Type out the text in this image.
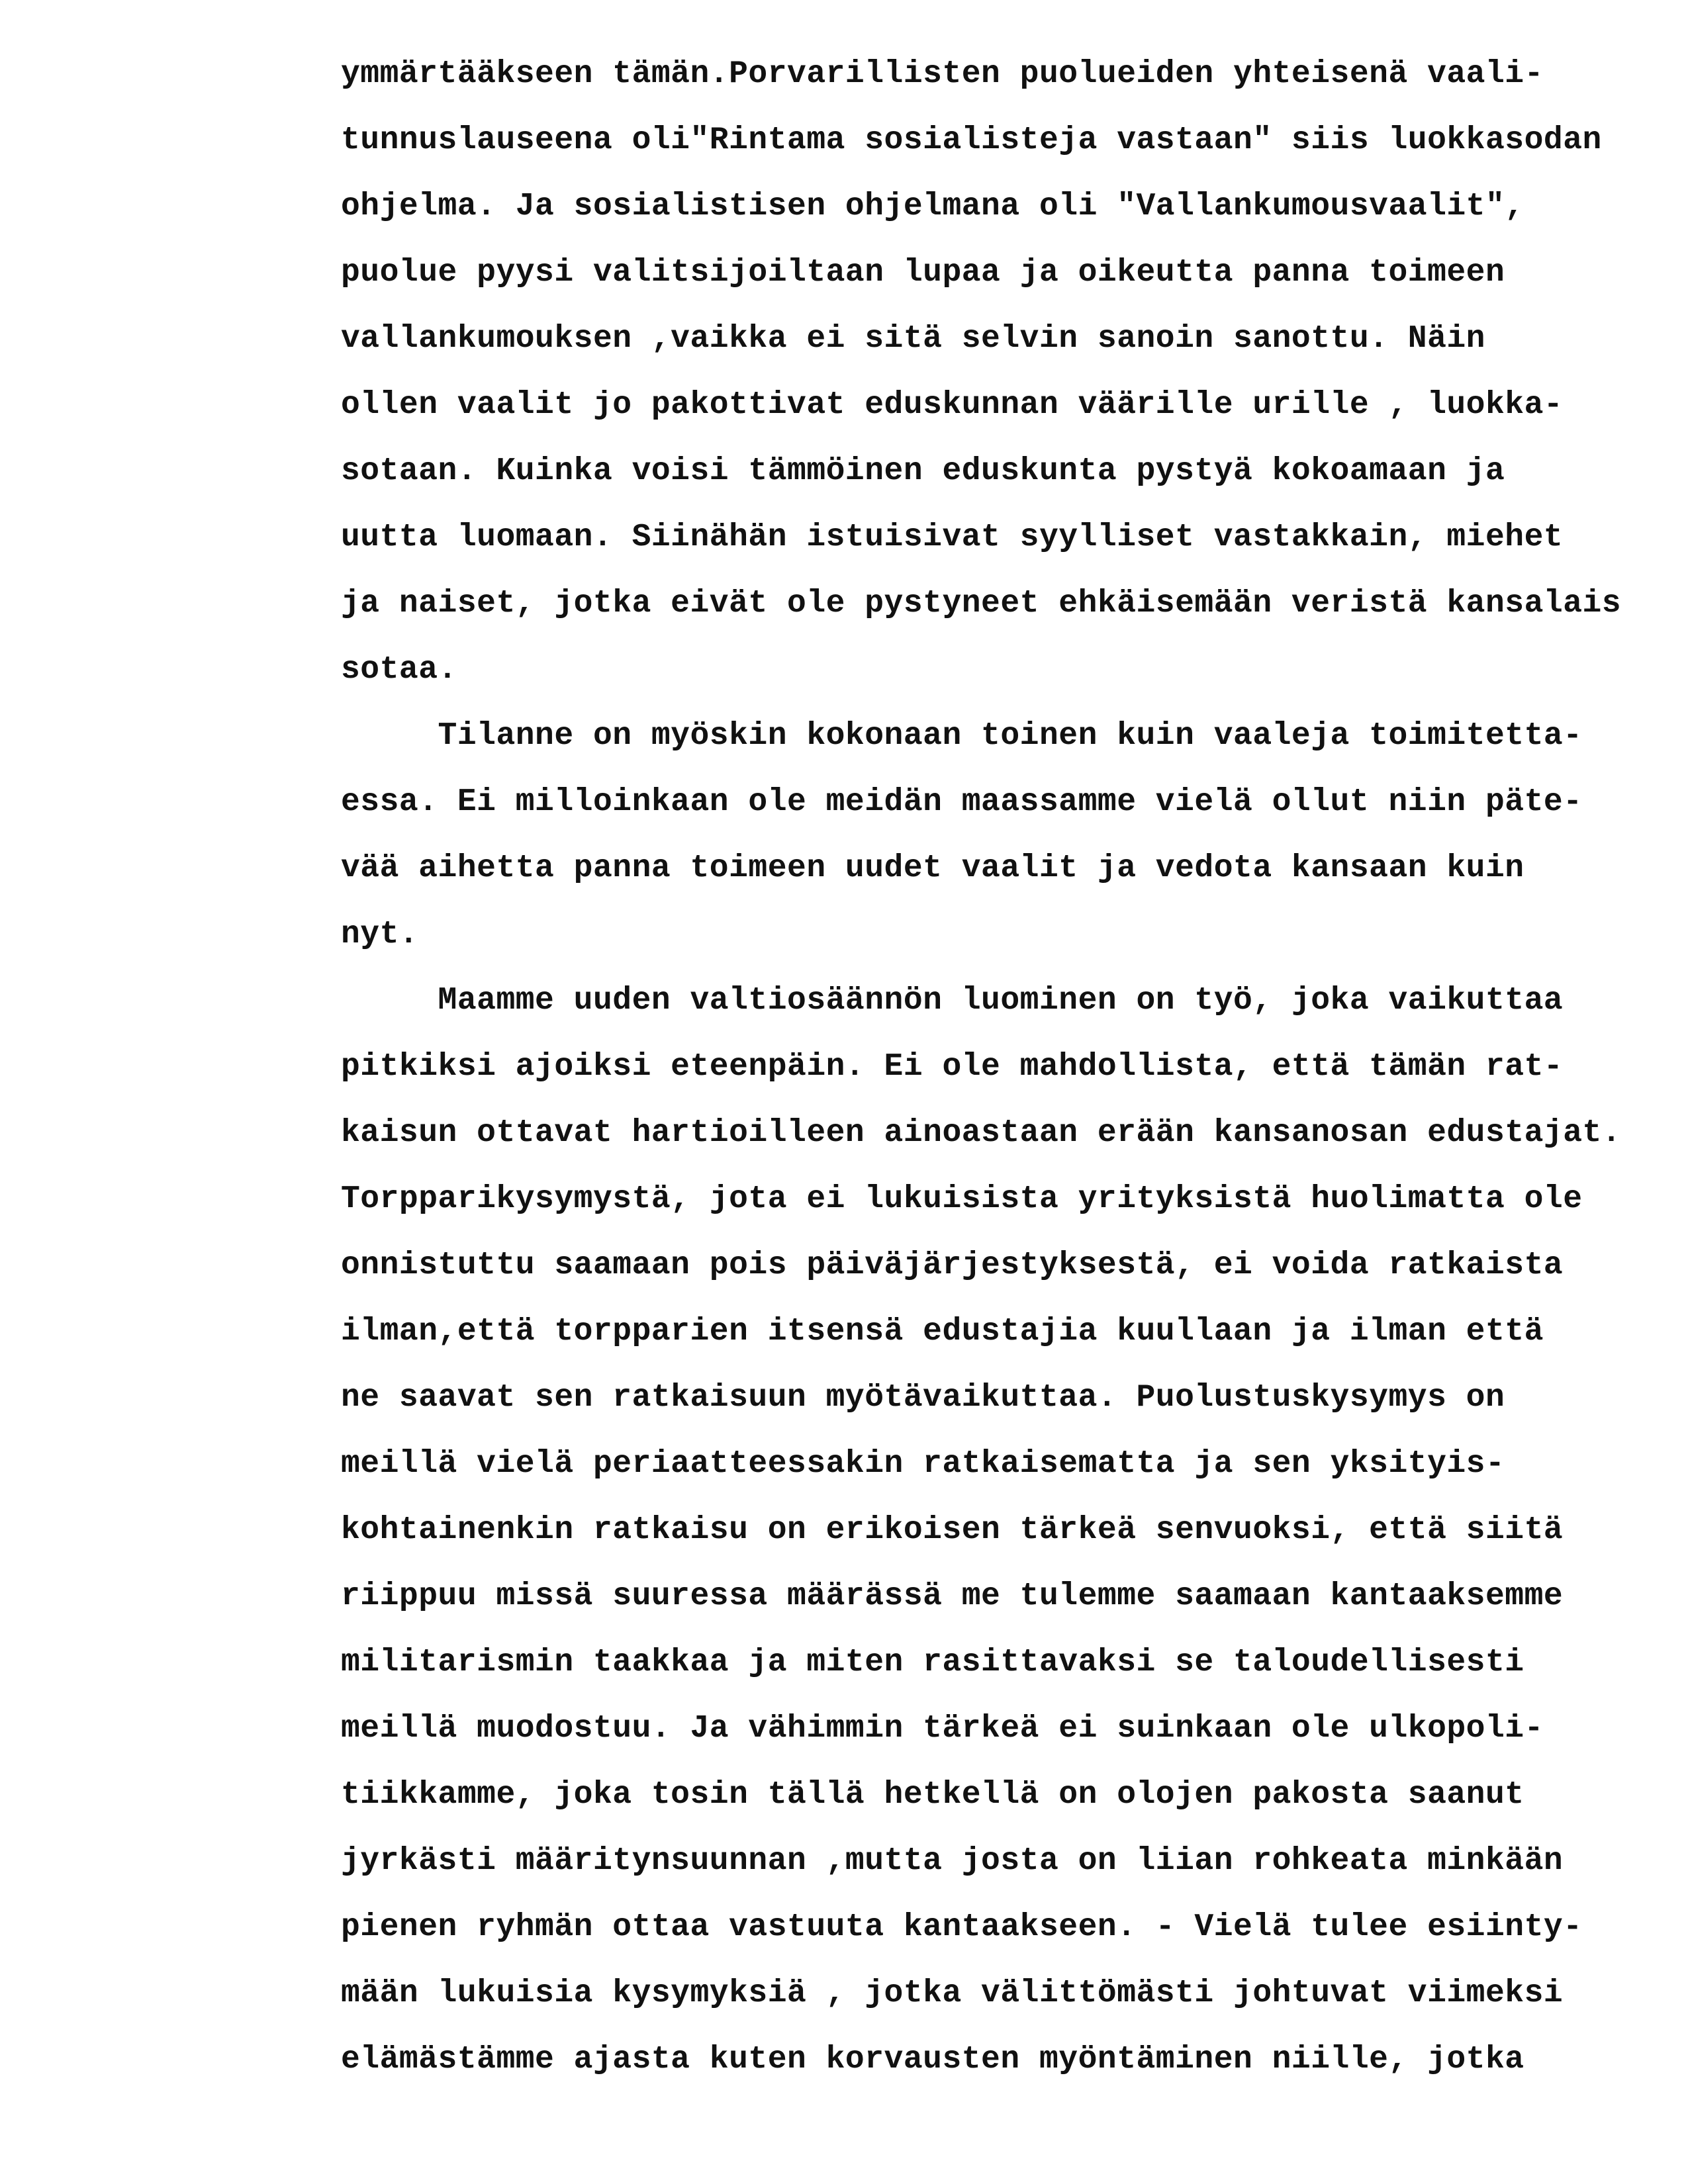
ymmärtääkseen tämän.Porvarillisten puolueiden yhteisenä vaali-
tunnuslauseena oli"Rintama sosialisteja vastaan" siis luokkasodan
ohjelma. Ja sosialistisen ohjelmana oli "Vallankumousvaalit",
puolue pyysi valitsijoiltaan lupaa ja oikeutta panna toimeen
vallankumouksen ,vaikka ei sitä selvin sanoin sanottu. Näin
ollen vaalit jo pakottivat eduskunnan väärille urille , luokka-
sotaan. Kuinka voisi tämmöinen eduskunta pystyä kokoamaan ja
uutta luomaan. Siinähän istuisivat syylliset vastakkain, miehet
ja naiset, jotka eivät ole pystyneet ehkäisemään veristä kansalais
sotaa.
Tilanne on myöskin kokonaan toinen kuin vaaleja toimitetta-
essa. Ei milloinkaan ole meidän maassamme vielä ollut niin päte-
vää aihetta panna toimeen uudet vaalit ja vedota kansaan kuin
nyt.
Maamme uuden valtiosäännön luominen on työ, joka vaikuttaa
pitkiksi ajoiksi eteenpäin. Ei ole mahdollista, että tämän rat-
kaisun ottavat hartioilleen ainoastaan erään kansanosan edustajat.
Torpparikysymystä, jota ei lukuisista yrityksistä huolimatta ole
onnistuttu saamaan pois päiväjärjestyksestä, ei voida ratkaista
ilman,että torpparien itsensä edustajia kuullaan ja ilman että
ne saavat sen ratkaisuun myötävaikuttaa. Puolustuskysymys on
meillä vielä periaatteessakin ratkaisematta ja sen yksityis-
kohtainenkin ratkaisu on erikoisen tärkeä senvuoksi, että siitä
riippuu missä suuressa määrässä me tulemme saamaan kantaaksemme
militarismin taakkaa ja miten rasittavaksi se taloudellisesti
meillä muodostuu. Ja vähimmin tärkeä ei suinkaan ole ulkopoli-
tiikkamme, joka tosin tällä hetkellä on olojen pakosta saanut
jyrkästi määritynsuunnan ,mutta josta on liian rohkeata minkään
pienen ryhmän ottaa vastuuta kantaakseen. - Vielä tulee esiinty-
mään lukuisia kysymyksiä , jotka välittömästi johtuvat viimeksi
elämästämme ajasta kuten korvausten myöntäminen niille, jotka
